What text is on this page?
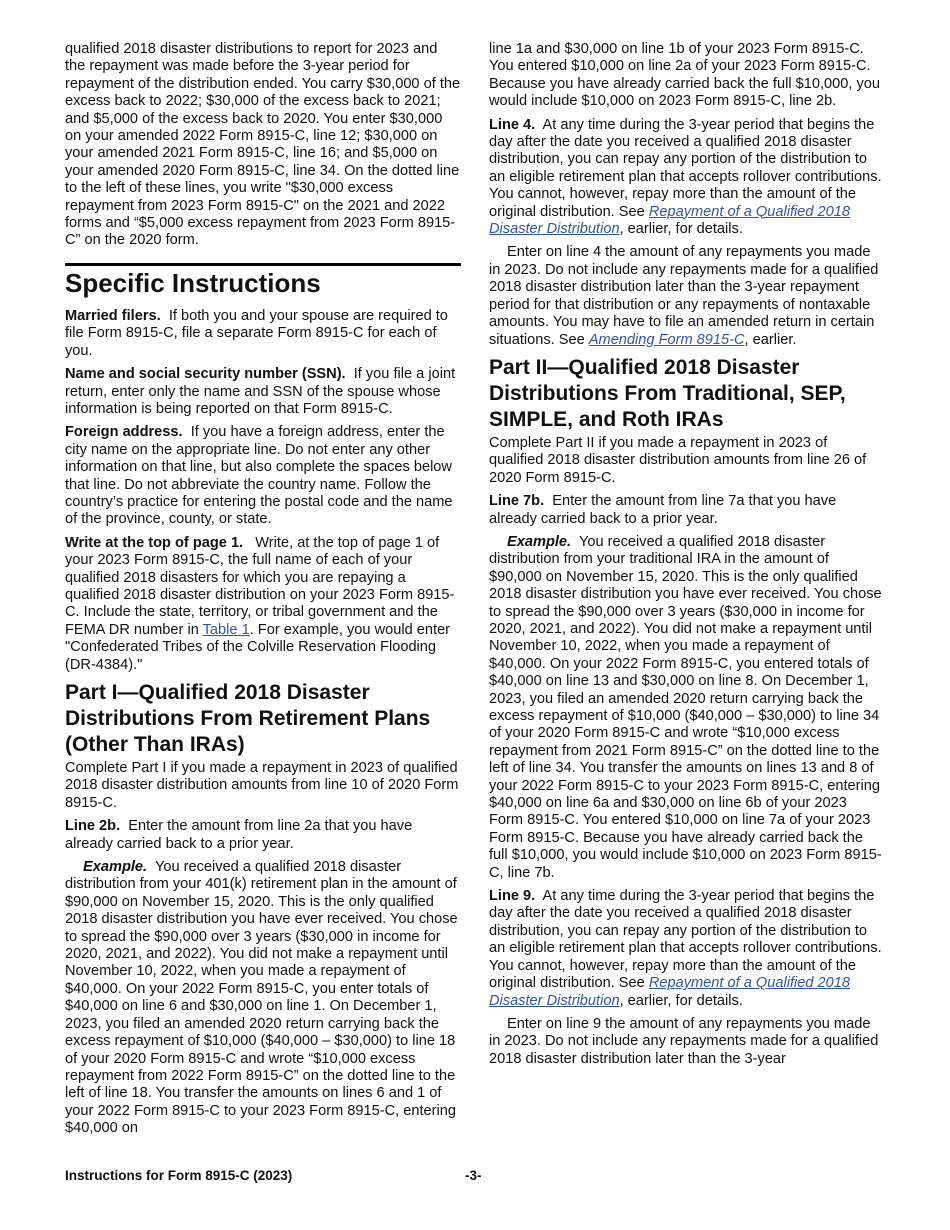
qualified 2018 disaster distributions to report for 2023 and the repayment was made before the 3-year period for repayment of the distribution ended. You carry $30,000 of the excess back to 2022; $30,000 of the excess back to 2021; and $5,000 of the excess back to 2020. You enter $30,000 on your amended 2022 Form 8915-C, line 12; $30,000 on your amended 2021 Form 8915-C, line 16; and $5,000 on your amended 2020 Form 8915-C, line 34. On the dotted line to the left of these lines, you write "$30,000 excess repayment from 2023 Form 8915-C" on the 2021 and 2022 forms and “$5,000 excess repayment from 2023 Form 8915-C” on the 2020 form.

Specific Instructions

Married filers. If both you and your spouse are required to file Form 8915-C, file a separate Form 8915-C for each of you.

Name and social security number (SSN). If you file a joint return, enter only the name and SSN of the spouse whose information is being reported on that Form 8915-C.

Foreign address. If you have a foreign address, enter the city name on the appropriate line. Do not enter any other information on that line, but also complete the spaces below that line. Do not abbreviate the country name. Follow the country’s practice for entering the postal code and the name of the province, county, or state.

Write at the top of page 1. Write, at the top of page 1 of your 2023 Form 8915-C, the full name of each of your qualified 2018 disasters for which you are repaying a qualified 2018 disaster distribution on your 2023 Form 8915-C. Include the state, territory, or tribal government and the FEMA DR number in Table 1. For example, you would enter "Confederated Tribes of the Colville Reservation Flooding (DR-4384)."

Part I—Qualified 2018 Disaster Distributions From Retirement Plans (Other Than IRAs)

Complete Part I if you made a repayment in 2023 of qualified 2018 disaster distribution amounts from line 10 of 2020 Form 8915-C.

Line 2b. Enter the amount from line 2a that you have already carried back to a prior year.

Example. You received a qualified 2018 disaster distribution from your 401(k) retirement plan in the amount of $90,000 on November 15, 2020. This is the only qualified 2018 disaster distribution you have ever received. You chose to spread the $90,000 over 3 years ($30,000 in income for 2020, 2021, and 2022). You did not make a repayment until November 10, 2022, when you made a repayment of $40,000. On your 2022 Form 8915-C, you enter totals of $40,000 on line 6 and $30,000 on line 1. On December 1, 2023, you filed an amended 2020 return carrying back the excess repayment of $10,000 ($40,000 – $30,000) to line 18 of your 2020 Form 8915-C and wrote “$10,000 excess repayment from 2022 Form 8915-C” on the dotted line to the left of line 18. You transfer the amounts on lines 6 and 1 of your 2022 Form 8915-C to your 2023 Form 8915-C, entering $40,000 on

line 1a and $30,000 on line 1b of your 2023 Form 8915-C. You entered $10,000 on line 2a of your 2023 Form 8915-C. Because you have already carried back the full $10,000, you would include $10,000 on 2023 Form 8915-C, line 2b.

Line 4. At any time during the 3-year period that begins the day after the date you received a qualified 2018 disaster distribution, you can repay any portion of the distribution to an eligible retirement plan that accepts rollover contributions. You cannot, however, repay more than the amount of the original distribution. See Repayment of a Qualified 2018 Disaster Distribution, earlier, for details.

Enter on line 4 the amount of any repayments you made in 2023. Do not include any repayments made for a qualified 2018 disaster distribution later than the 3-year repayment period for that distribution or any repayments of nontaxable amounts. You may have to file an amended return in certain situations. See Amending Form 8915-C, earlier.

Part II—Qualified 2018 Disaster Distributions From Traditional, SEP, SIMPLE, and Roth IRAs

Complete Part II if you made a repayment in 2023 of qualified 2018 disaster distribution amounts from line 26 of 2020 Form 8915-C.

Line 7b. Enter the amount from line 7a that you have already carried back to a prior year.

Example. You received a qualified 2018 disaster distribution from your traditional IRA in the amount of $90,000 on November 15, 2020. This is the only qualified 2018 disaster distribution you have ever received. You chose to spread the $90,000 over 3 years ($30,000 in income for 2020, 2021, and 2022). You did not make a repayment until November 10, 2022, when you made a repayment of $40,000. On your 2022 Form 8915-C, you entered totals of $40,000 on line 13 and $30,000 on line 8. On December 1, 2023, you filed an amended 2020 return carrying back the excess repayment of $10,000 ($40,000 – $30,000) to line 34 of your 2020 Form 8915-C and wrote “$10,000 excess repayment from 2021 Form 8915-C” on the dotted line to the left of line 34. You transfer the amounts on lines 13 and 8 of your 2022 Form 8915-C to your 2023 Form 8915-C, entering $40,000 on line 6a and $30,000 on line 6b of your 2023 Form 8915-C. You entered $10,000 on line 7a of your 2023 Form 8915-C. Because you have already carried back the full $10,000, you would include $10,000 on 2023 Form 8915-C, line 7b.

Line 9. At any time during the 3-year period that begins the day after the date you received a qualified 2018 disaster distribution, you can repay any portion of the distribution to an eligible retirement plan that accepts rollover contributions. You cannot, however, repay more than the amount of the original distribution. See Repayment of a Qualified 2018 Disaster Distribution, earlier, for details.

Enter on line 9 the amount of any repayments you made in 2023. Do not include any repayments made for a qualified 2018 disaster distribution later than the 3-year

Instructions for Form 8915-C (2023)	-3-
